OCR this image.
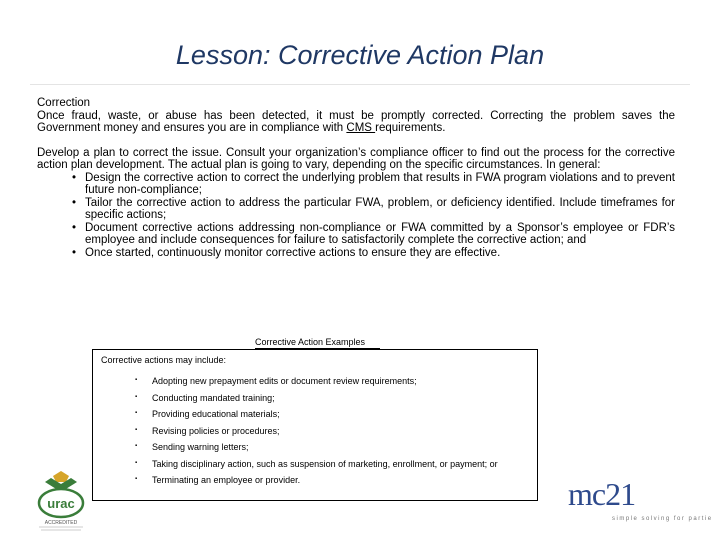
Lesson: Corrective Action Plan

Correction

Once fraud, waste, or abuse has been detected, it must be promptly corrected. Correcting the problem saves the Government money and ensures you are in compliance with CMS requirements.

Develop a plan to correct the issue. Consult your organization’s compliance officer to find out the process for the corrective action plan development. The actual plan is going to vary, depending on the specific circumstances. In general:

• Design the corrective action to correct the underlying problem that results in FWA program violations and to prevent future non-compliance;
• Tailor the corrective action to address the particular FWA, problem, or deficiency identified. Include timeframes for specific actions;
• Document corrective actions addressing non-compliance or FWA committed by a Sponsor’s employee or FDR’s employee and include consequences for failure to satisfactorily complete the corrective action; and
• Once started, continuously monitor corrective actions to ensure they are effective.
Corrective Action Examples
Corrective actions may include:
▪ Adopting new prepayment edits or document review requirements;
▪ Conducting mandated training;
▪ Providing educational materials;
▪ Revising policies or procedures;
▪ Sending warning letters;
▪ Taking disciplinary action, such as suspension of marketing, enrollment, or payment; or
▪ Terminating an employee or provider.
urac
ACCREDITED
mc21
simple solving for partie
